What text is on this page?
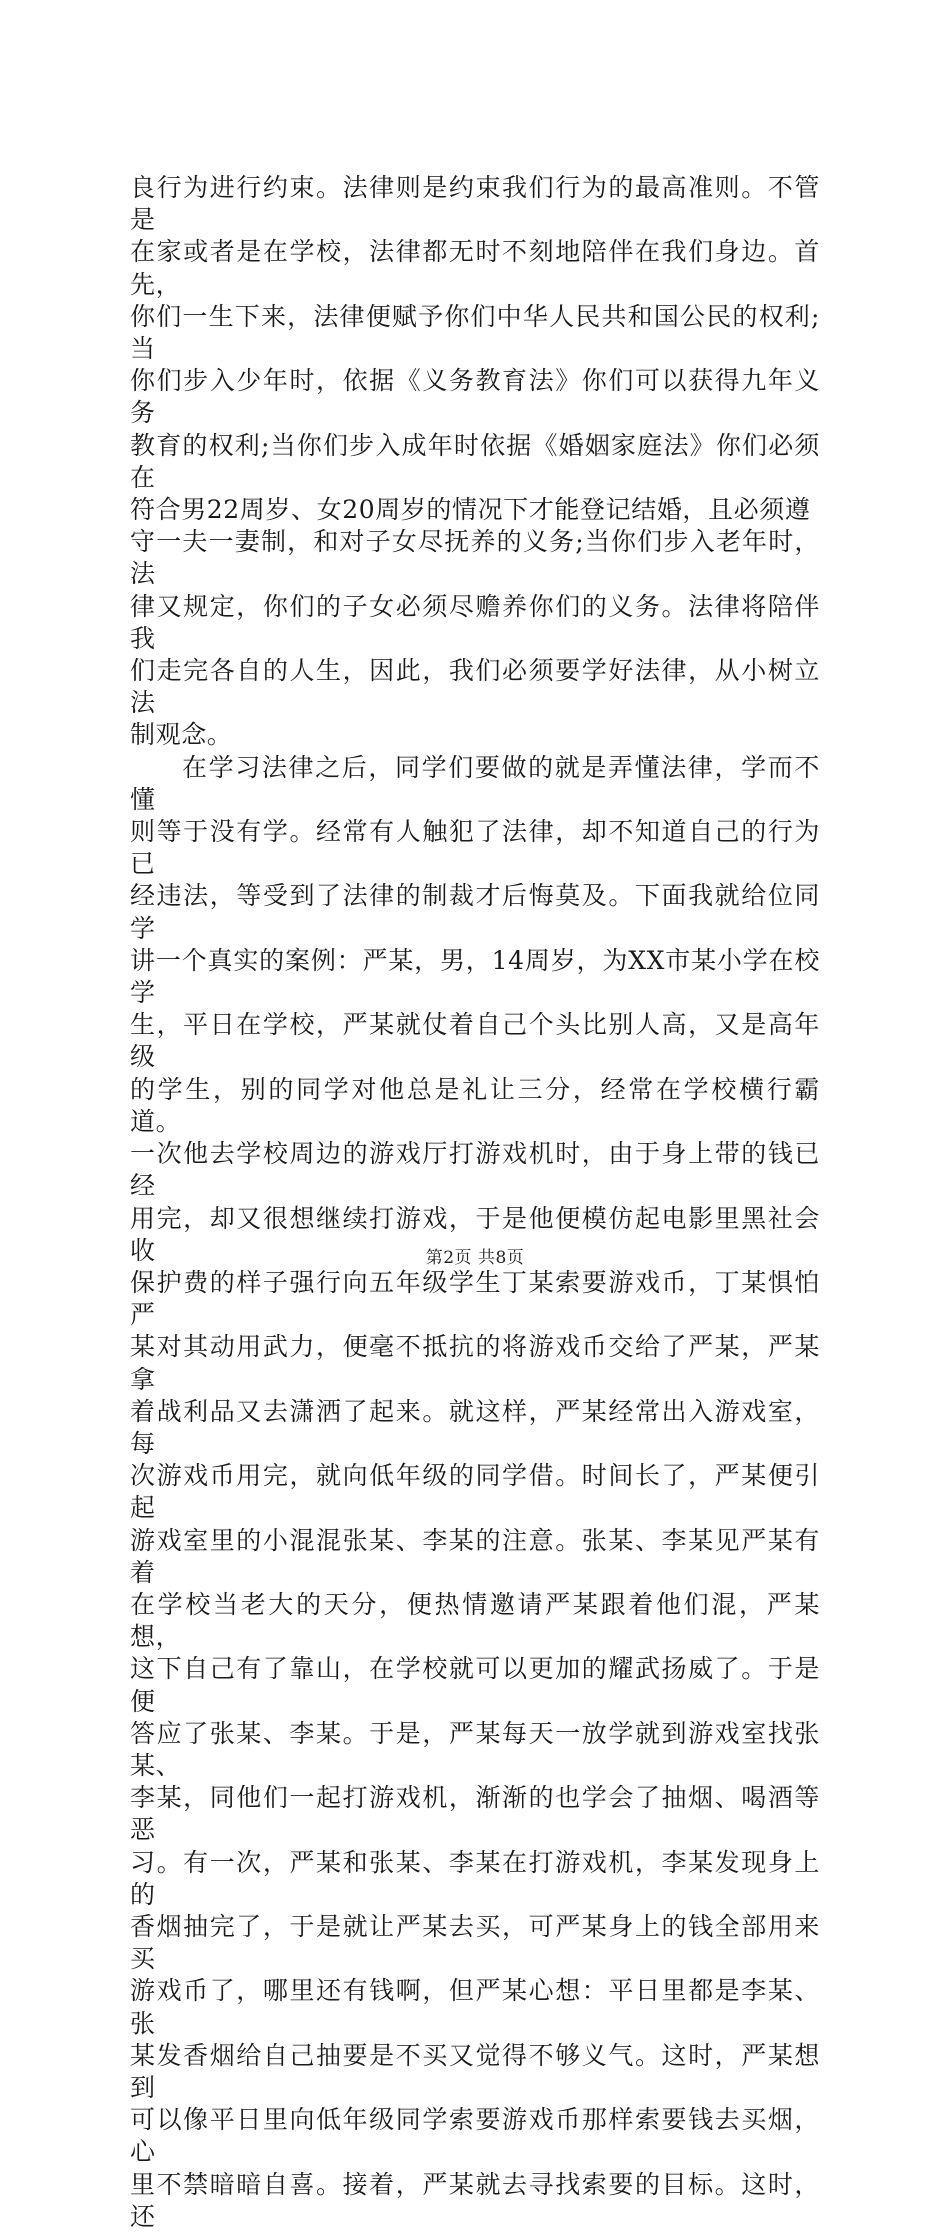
良行为进行约束。法律则是约束我们行为的最高准则。不管是
在家或者是在学校，法律都无时不刻地陪伴在我们身边。首先，
你们一生下来，法律便赋予你们中华人民共和国公民的权利;当
你们步入少年时，依据《义务教育法》你们可以获得九年义务
教育的权利;当你们步入成年时依据《婚姻家庭法》你们必须在
符合男22周岁、女20周岁的情况下才能登记结婚，且必须遵
守一夫一妻制，和对子女尽抚养的义务;当你们步入老年时，法
律又规定，你们的子女必须尽赡养你们的义务。法律将陪伴我
们走完各自的人生，因此，我们必须要学好法律，从小树立法
制观念。

在学习法律之后，同学们要做的就是弄懂法律，学而不懂
则等于没有学。经常有人触犯了法律，却不知道自己的行为已
经违法，等受到了法律的制裁才后悔莫及。下面我就给位同学
讲一个真实的案例：严某，男，14周岁，为XX市某小学在校学
生，平日在学校，严某就仗着自己个头比别人高，又是高年级
的学生，别的同学对他总是礼让三分，经常在学校横行霸道。
一次他去学校周边的游戏厅打游戏机时，由于身上带的钱已经
用完，却又很想继续打游戏，于是他便模仿起电影里黑社会收
保护费的样子强行向五年级学生丁某索要游戏币，丁某惧怕严
某对其动用武力，便毫不抵抗的将游戏币交给了严某，严某拿
着战利品又去潇洒了起来。就这样，严某经常出入游戏室，每
次游戏币用完，就向低年级的同学借。时间长了，严某便引起
游戏室里的小混混张某、李某的注意。张某、李某见严某有着
在学校当老大的天分，便热情邀请严某跟着他们混，严某想，
这下自己有了靠山，在学校就可以更加的耀武扬威了。于是便
答应了张某、李某。于是，严某每天一放学就到游戏室找张某、
李某，同他们一起打游戏机，渐渐的也学会了抽烟、喝酒等恶
习。有一次，严某和张某、李某在打游戏机，李某发现身上的
香烟抽完了，于是就让严某去买，可严某身上的钱全部用来买
游戏币了，哪里还有钱啊，但严某心想：平日里都是李某、张
某发香烟给自己抽要是不买又觉得不够义气。这时，严某想到
可以像平日里向低年级同学索要游戏币那样索要钱去买烟，心
里不禁暗暗自喜。接着，严某就去寻找索要的目标。这时，还

第2页 共8页
